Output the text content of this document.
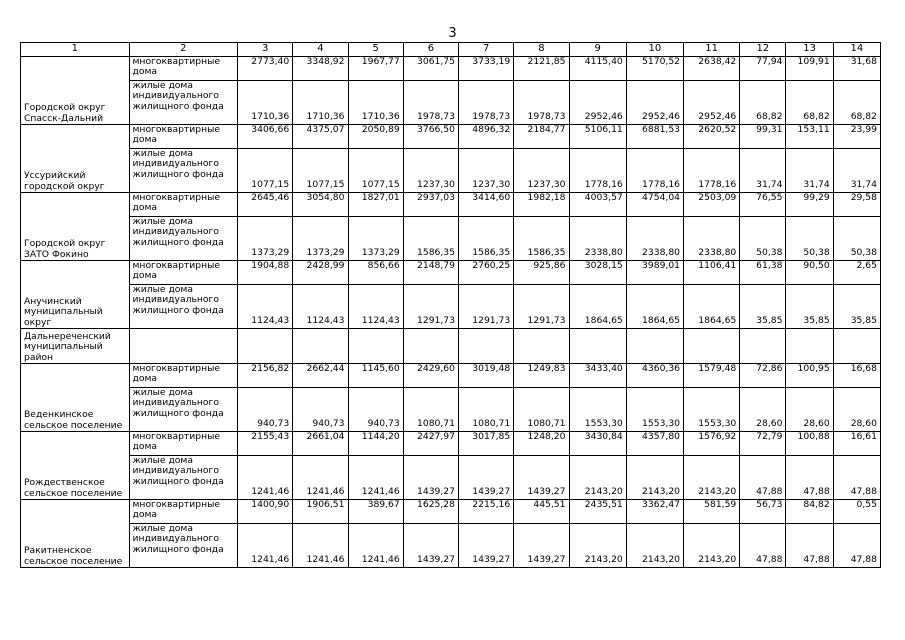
3
1	2	3	4	5	6	7	8	9	10	11	12	13	14
Городской округ Спасск-Дальний	многоквартирные дома	2773,40	3348,92	1967,77	3061,75	3733,19	2121,85	4115,40	5170,52	2638,42	77,94	109,91	31,68
	жилые дома индивидуального жилищного фонда	1710,36	1710,36	1710,36	1978,73	1978,73	1978,73	2952,46	2952,46	2952,46	68,82	68,82	68,82
Уссурийский городской округ	многоквартирные дома	3406,66	4375,07	2050,89	3766,50	4896,32	2184,77	5106,11	6881,53	2620,52	99,31	153,11	23,99
	жилые дома индивидуального жилищного фонда	1077,15	1077,15	1077,15	1237,30	1237,30	1237,30	1778,16	1778,16	1778,16	31,74	31,74	31,74
Городской округ ЗАТО Фокино	многоквартирные дома	2645,46	3054,80	1827,01	2937,03	3414,60	1982,18	4003,57	4754,04	2503,09	76,55	99,29	29,58
	жилые дома индивидуального жилищного фонда	1373,29	1373,29	1373,29	1586,35	1586,35	1586,35	2338,80	2338,80	2338,80	50,38	50,38	50,38
Анучинский муниципальный округ	многоквартирные дома	1904,88	2428,99	856,66	2148,79	2760,25	925,86	3028,15	3989,01	1106,41	61,38	90,50	2,65
	жилые дома индивидуального жилищного фонда	1124,43	1124,43	1124,43	1291,73	1291,73	1291,73	1864,65	1864,65	1864,65	35,85	35,85	35,85
Дальнереченский муниципальный район													
Веденкинское сельское поселение	многоквартирные дома	2156,82	2662,44	1145,60	2429,60	3019,48	1249,83	3433,40	4360,36	1579,48	72,86	100,95	16,68
	жилые дома индивидуального жилищного фонда	940,73	940,73	940,73	1080,71	1080,71	1080,71	1553,30	1553,30	1553,30	28,60	28,60	28,60
Рождественское сельское поселение	многоквартирные дома	2155,43	2661,04	1144,20	2427,97	3017,85	1248,20	3430,84	4357,80	1576,92	72,79	100,88	16,61
	жилые дома индивидуального жилищного фонда	1241,46	1241,46	1241,46	1439,27	1439,27	1439,27	2143,20	2143,20	2143,20	47,88	47,88	47,88
Ракитненское сельское поселение	многоквартирные дома	1400,90	1906,51	389,67	1625,28	2215,16	445,51	2435,51	3362,47	581,59	56,73	84,82	0,55
	жилые дома индивидуального жилищного фонда	1241,46	1241,46	1241,46	1439,27	1439,27	1439,27	2143,20	2143,20	2143,20	47,88	47,88	47,88
